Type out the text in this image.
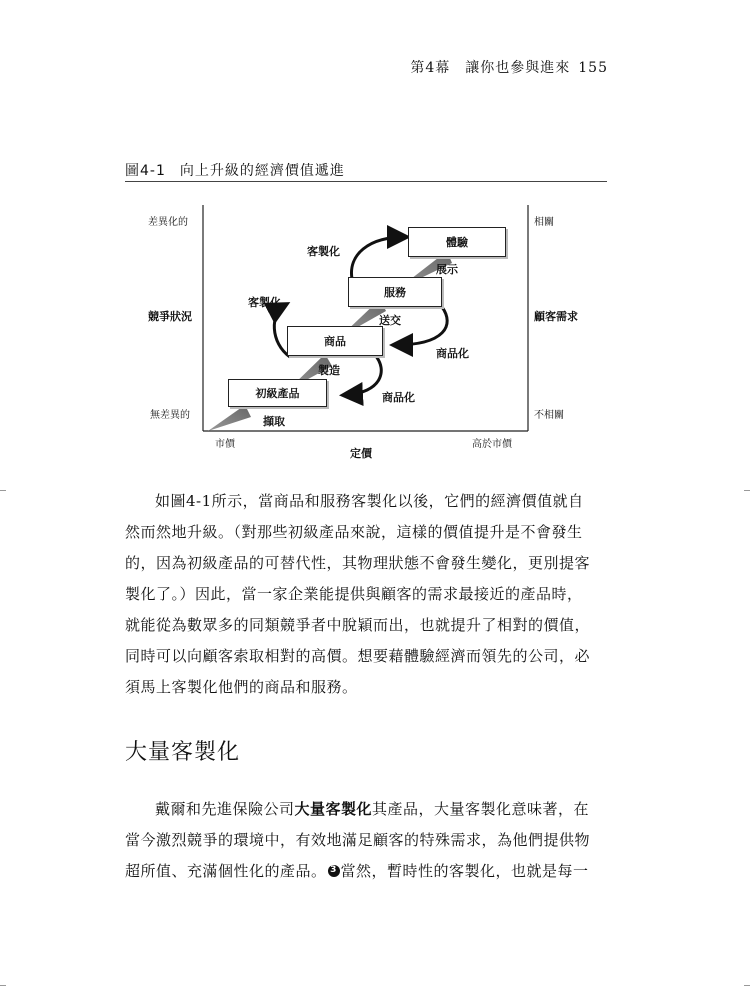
第4幕　讓你也參與進來 155
圖4-1 向上升級的經濟價值遞進
差異化的
競爭狀況
無差異的
相關
顧客需求
不相關
市價	高於市價
定價
初級產品
商品
服務
體驗
擷取
製造
送交
展示
商品化
商品化
客製化
客製化

如圖4-1所示，當商品和服務客製化以後，它們的經濟價值就自
然而然地升級。（對那些初級產品來說，這樣的價值提升是不會發生
的，因為初級產品的可替代性，其物理狀態不會發生變化，更別提客
製化了。）因此，當一家企業能提供與顧客的需求最接近的產品時，
就能從為數眾多的同類競爭者中脫穎而出，也就提升了相對的價值，
同時可以向顧客索取相對的高價。想要藉體驗經濟而領先的公司，必
須馬上客製化他們的商品和服務。

大量客製化

戴爾和先進保險公司大量客製化其產品，大量客製化意味著，在
當今激烈競爭的環境中，有效地滿足顧客的特殊需求，為他們提供物
超所值、充滿個性化的產品。 3 當然，暫時性的客製化，也就是每一
